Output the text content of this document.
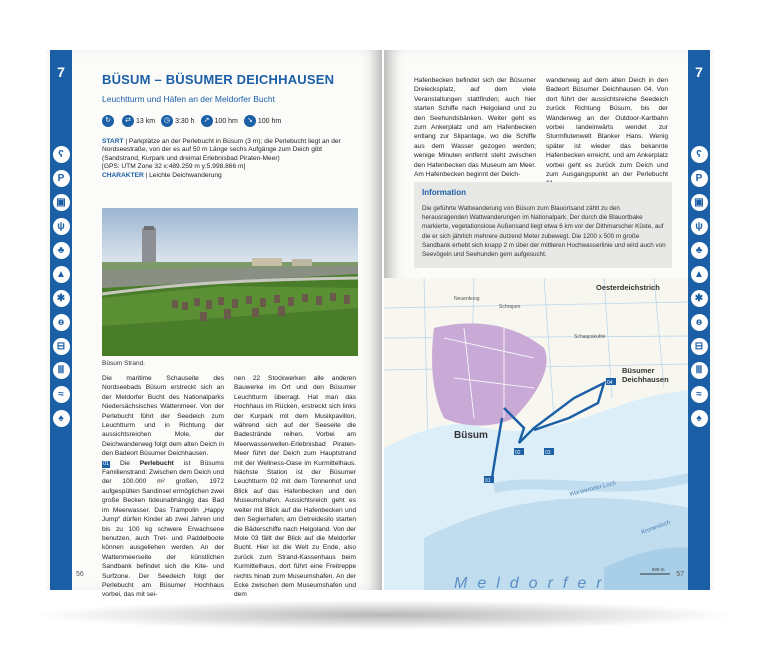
7
ʕ
P
▣
ψ
♣
▲
✱
ѳ
⊟
Ⅲ
≈
♠
56
BÜSUM – BÜSUMER DEICHHAUSEN
Leuchtturm und Häfen an der Meldorfer Bucht
↻	⇄ 13 km	◷ 3:30 h	↗ 100 hm	↘ 100 hm
START | Parkplätze an der Perlebucht in Büsum (3 m); die Perlebucht liegt an der Nordseestraße, von der es auf 50 m Länge sechs Aufgänge zum Deich gibt (Sandstrand, Kurpark und dreimal Erlebnisbad Piraten-Meer)
[GPS: UTM Zone 32 x:489.259 m y:5.998.866 m]
CHARAKTER | Leichte Deichwanderung
Büsum Strand.
Die maritime Schauseite des Nordseebads Büsum erstreckt sich an der Meldorfer Bucht des Nationalparks Niedersächsisches Wattenmeer. Von der Perlebucht führt der Seedeich zum Leuchtturm und in Richtung der aussichtsreichen Mole, der Deichwanderweg folgt dem alten Deich in den Badeort Büsumer Deichhausen.
01 Die Perlebucht ist Büsums Familienstrand: Zwischen dem Deich und der 100.000 m² großen, 1972 aufgespülten Sandinsel ermöglichen zwei große Becken tideunabhängig das Bad im Meerwasser. Das Trampolin „Happy Jump“ dürfen Kinder ab zwei Jahren und bis zu 100 kg schwere Erwachsene benutzen, auch Tret- und Paddelboote können ausgeliehen werden. An der Wattenmeerseite der künstlichen Sandbank befindet sich die Kite- und Surfzone. Der Seedeich folgt der Perlebucht am Büsumer Hochhaus vorbei, das mit sei-
nen 22 Stockwerken alle anderen Bauwerke im Ort und den Büsumer Leuchtturm überragt. Hat man das Hochhaus im Rücken, erstreckt sich links der Kurpark mit dem Musikpavillon, während sich auf der Seeseite die Badestrände reihen. Vorbei am Meerwasserwellen-Erlebnisbad Piraten-Meer führt der Deich zum Hauptstrand mit der Wellness-Oase im Kurmittelhaus. Nächste Station ist der Büsumer Leuchtturm 02 mit dem Tonnenhof und Blick auf das Hafenbecken und den Museumshafen. Aussichtsreich geht es weiter mit Blick auf die Hafenbecken und den Seglerhafen; am Getreidesilo starten die Bäderschiffe nach Helgoland. Von der Mole 03 fällt der Blick auf die Meldorfer Bucht. Hier ist die Welt zu Ende, also zurück zum Strand-Kassenhaus beim Kurmittelhaus, dort führt eine Freitreppe rechts hinab zum Museumshafen. An der Ecke zwischen dem Museumshafen und dem
Hafenbecken befindet sich der Büsumer Dreiecksplatz, auf dem viele Veranstaltungen stattfinden; auch hier starten Schiffe nach Helgoland und zu den Seehundsbänken. Weiter geht es zum Ankerplatz und am Hafenbecken entlang zur Slipanlage, wo die Schiffe aus dem Wasser gezogen werden; wenige Minuten entfernt steht zwischen den Hafenbecken das Museum am Meer. Am Hafenbecken beginnt der Deich-
wanderweg auf dem alten Deich in den Badeort Büsumer Deichhausen 04. Von dort führt der aussichtsreiche Seedeich zurück Richtung Büsum, bis der Wanderweg an der Outdoor-Kartbahn vorbei landeinwärts wendet zur Sturmflutenwelt Blanker Hans. Wenig später ist wieder das bekannte Hafenbecken erreicht, und am Ankerplatz vorbei geht es zurück zum Deich und zum Ausgangspunkt an der Perlebucht
Information
Die geführte Wattwanderung von Büsum zum Blauortsand zählt zu den herausragenden Wattwanderungen im Nationalpark. Der durch die Blauortbake markierte, vegetationslose Außensand liegt etwa 6 km vor der Dithmarscher Küste, auf die er sich jährlich mehrere dutzend Meter zubewegt. Die 1200 x 500 m große Sandbank erhebt sich knapp 2 m über der mittleren Hochwasserlinie und wird auch von Seevögeln und Seehunden gern aufgesucht.
01
02	03
04
Oesterdeichstrich
Büsum
Büsumer
Deichhausen
Warwerorter Loch
Meldorfer
Kronenloch
Schrapen
Neuenkoog
Schaapskuhle
500 m
7
ʕ
P
▣
ψ
♣
▲
✱
ѳ
⊟
Ⅲ
≈
♠
57
